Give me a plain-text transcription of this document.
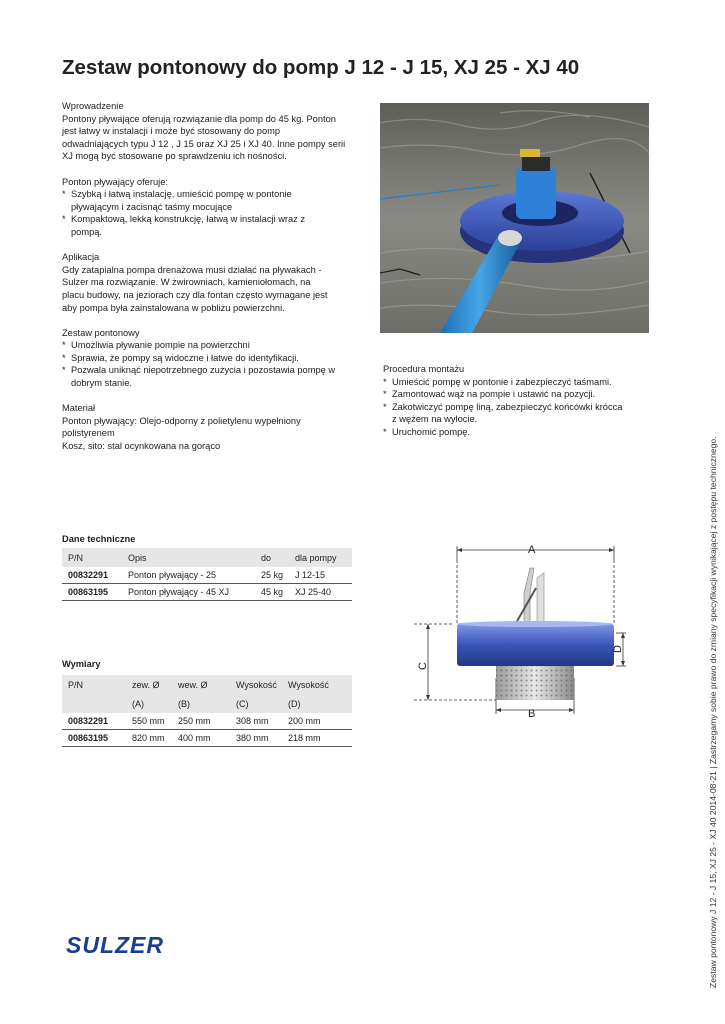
Zestaw pontonowy do pomp J 12 - J 15, XJ 25 - XJ 40

Wprowadzenie

Pontony pływające oferują rozwiązanie dla pomp do 45 kg. Ponton

jest łatwy w instalacji i może być stosowany do pomp

odwadniających typu J 12 , J 15 oraz XJ 25 i XJ 40. Inne pompy serii

XJ mogą być stosowane po sprawdzeniu ich nośności.

Ponton pływający oferuje:

* Szybką i łatwą instalację, umieścić pompę w pontonie
pływającym i zacisnąć taśmy mocujące
* Kompaktową, lekką konstrukcję, łatwą w instalacji wraz z
pompą.

Aplikacja

Gdy zatapialna pompa drenażowa musi działać na pływakach -

Sulzer ma rozwiązanie. W żwirowniach, kamieniołomach, na

placu budowy, na jeziorach czy dla fontan często wymagane jest

aby pompa była zainstalowana w pobliżu powierzchni.

Zestaw pontonowy

* Umożliwia pływanie pompie na powierzchni
* Sprawia, że pompy są widoczne i łatwe do identyfikacji.
* Pozwala uniknąć niepotrzebnego zużycia i pozostawia pompę w
dobrym stanie.

Materiał

Ponton pływający: Olejo-odporny z polietylenu wypełniony

polistyrenem

Kosz, sito: stal ocynkowana na gorąco

Procedura montażu

* Umieścić pompę w pontonie i zabezpieczyć taśmami.
* Zamontować wąż na pompie i ustawić na pozycji.
* Zakotwiczyć pompę liną, zabezpieczyć końcówki krócca
z wężem na wylocie.
* Uruchomić pompę.
Dane techniczne
P/N	Opis	do	dla pompy
00832291	Ponton pływający - 25	25 kg	J 12-15
00863195	Ponton pływający - 45 XJ	45 kg	XJ 25-40
Wymiary
P/N	zew. Ø	wew. Ø	Wysokość	Wysokość
	(A)	(B)	(C)	(D)
00832291	550 mm	250 mm	308 mm	200 mm
00863195	820 mm	400 mm	380 mm	218 mm
A
B
C
D
SULZER	Zestaw pontonowy J 12 - J 15, XJ 25 - XJ 40 2014-08-21 | Zastrzegamy sobie prawo do zmiany specyfikacji wynikającej z postępu technicznego.
